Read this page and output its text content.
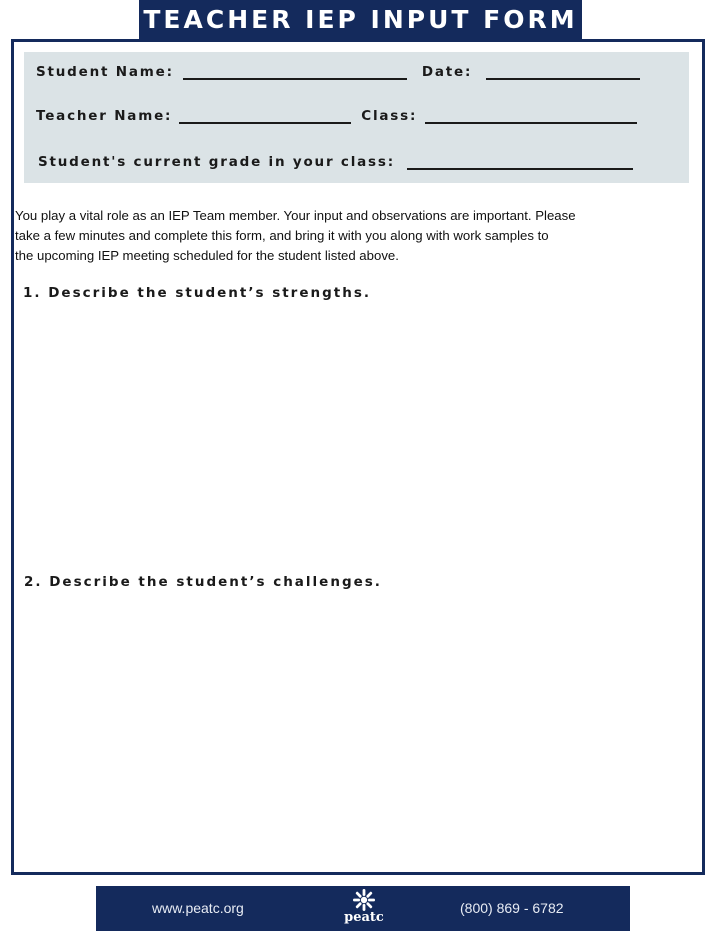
TEACHER IEP INPUT FORM
Student Name:	Date:
Teacher Name:	Class:
Student's current grade in your class:
You play a vital role as an IEP Team member. Your input and observations are important. Please
take a few minutes and complete this form, and bring it with you along with work samples to
the upcoming IEP meeting scheduled for the student listed above.
1. Describe the student’s strengths.
2. Describe the student’s challenges.
www.peatc.org
peatc
(800) 869 - 6782
